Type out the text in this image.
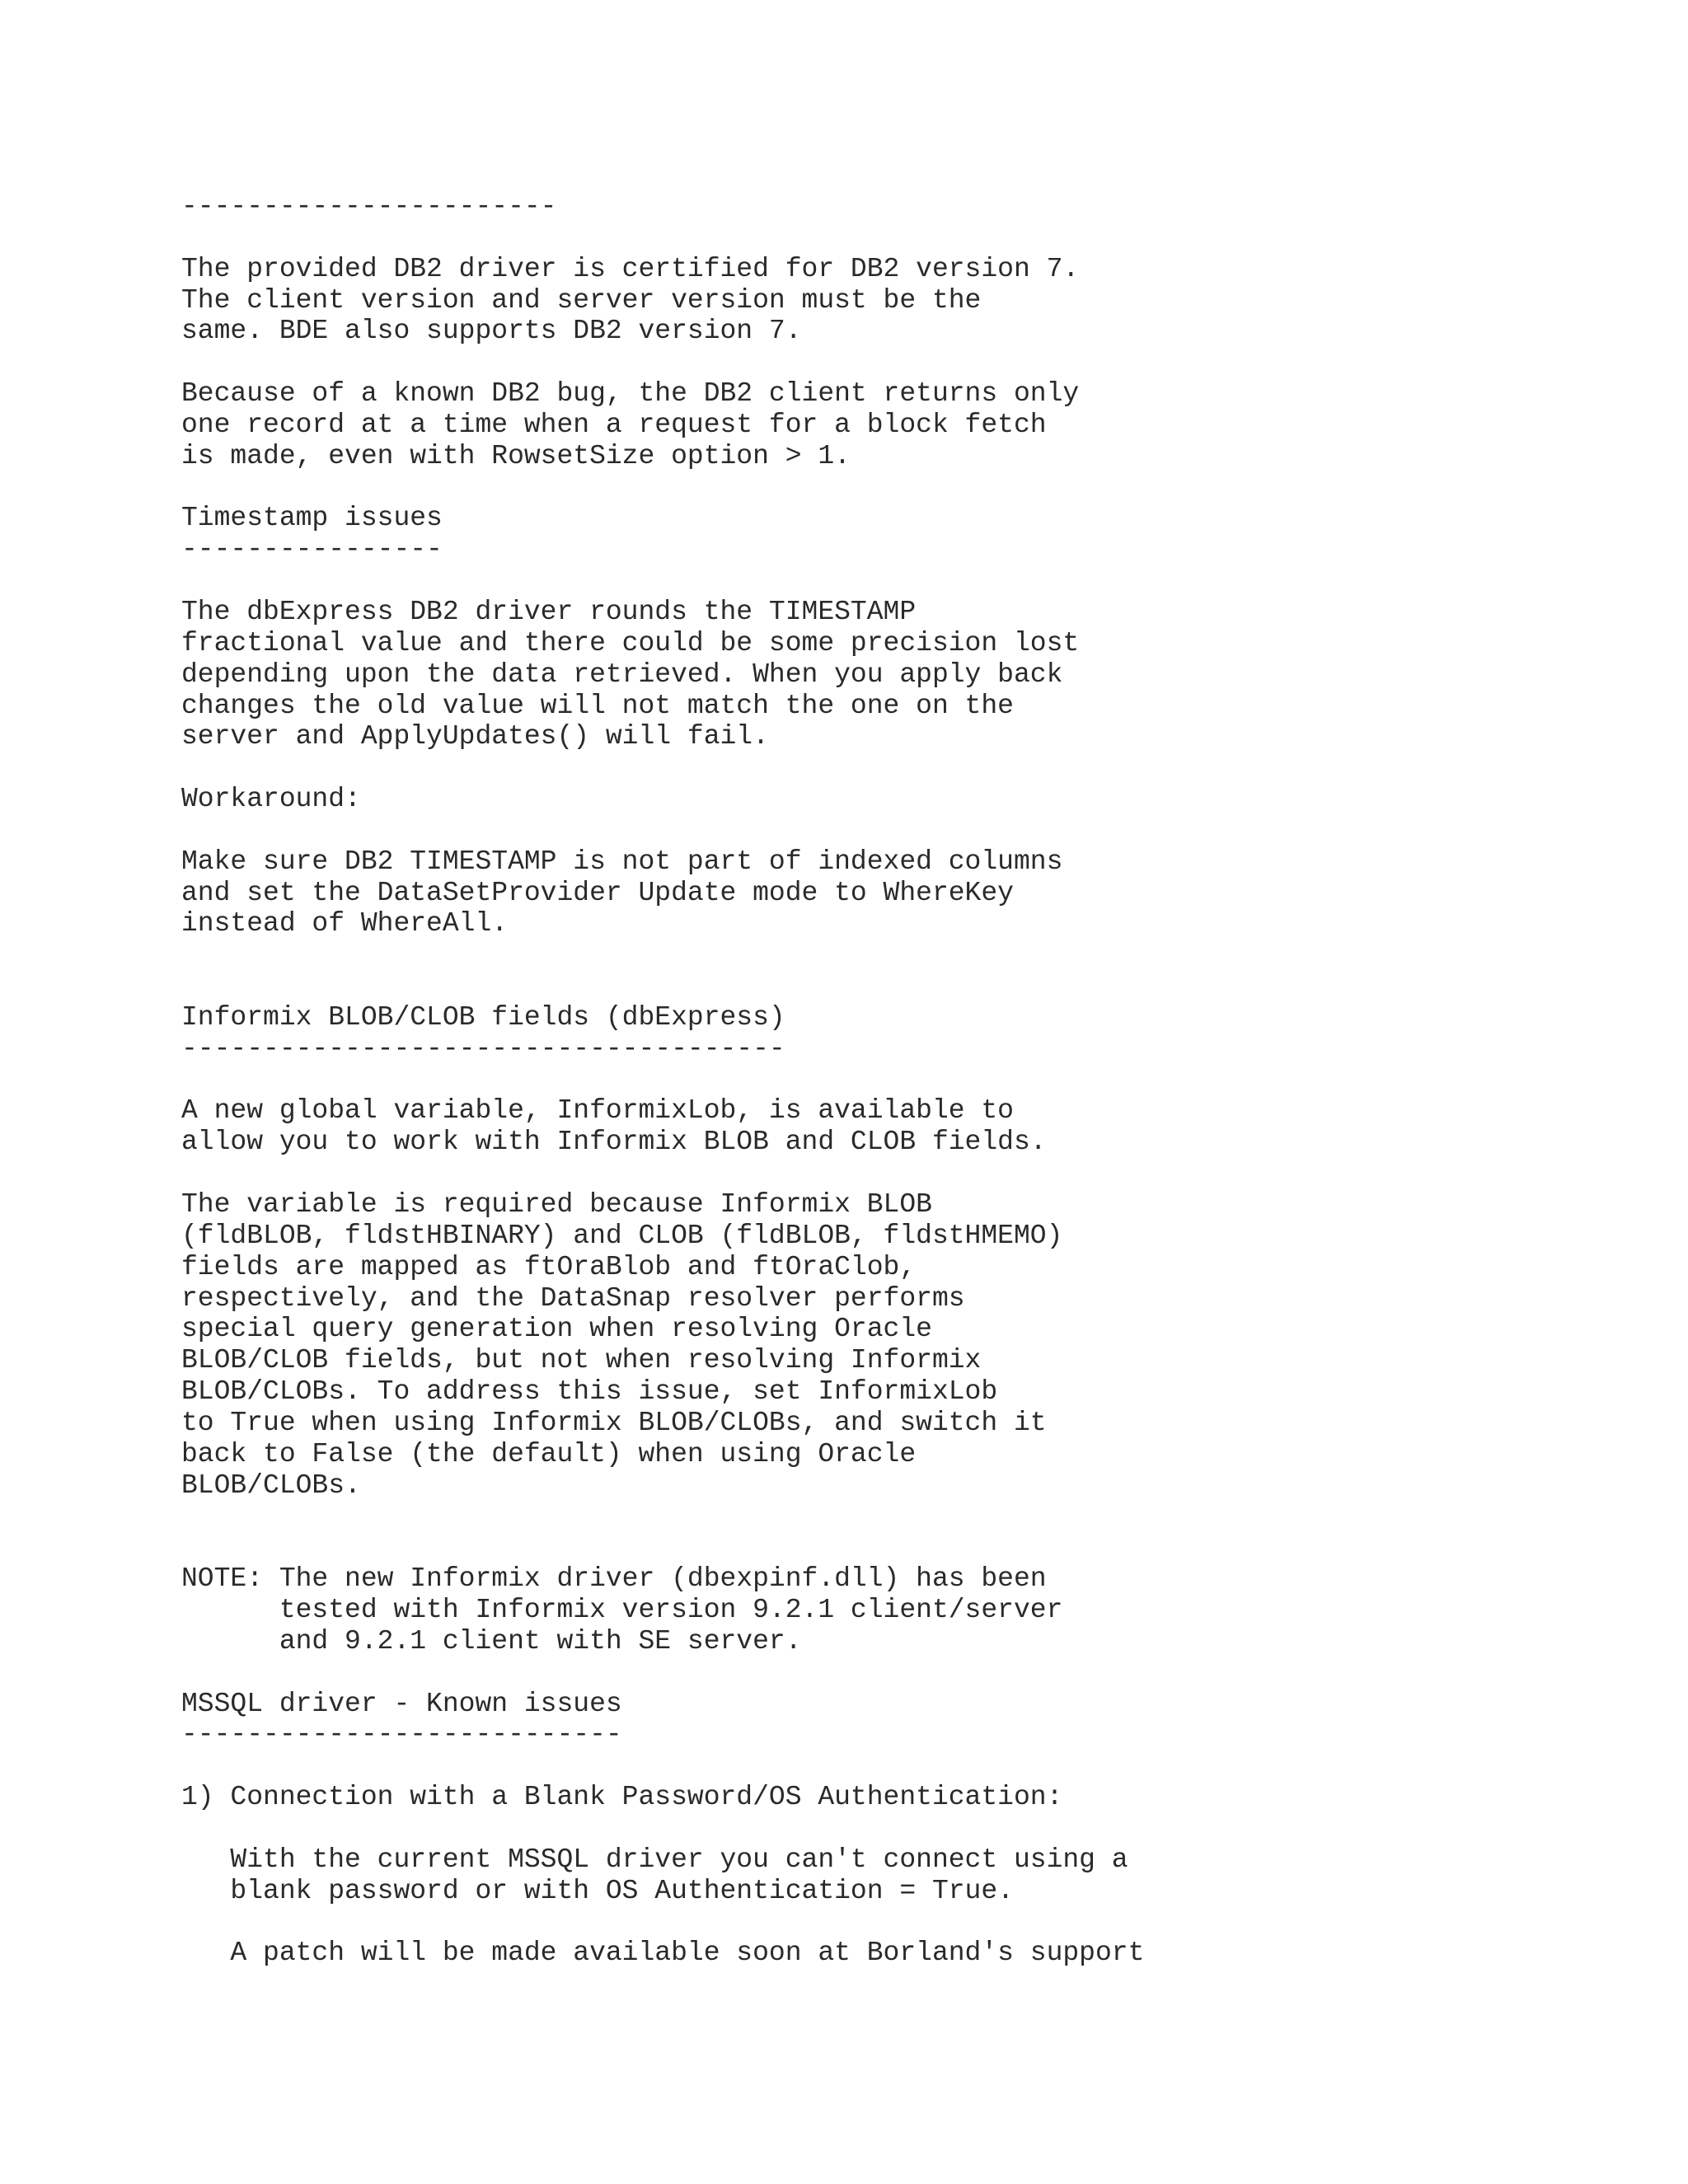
-----------------------
The provided DB2 driver is certified for DB2 version 7.
The client version and server version must be the
same. BDE also supports DB2 version 7.
Because of a known DB2 bug, the DB2 client returns only
one record at a time when a request for a block fetch
is made, even with RowsetSize option > 1.
Timestamp issues
----------------
The dbExpress DB2 driver rounds the TIMESTAMP
fractional value and there could be some precision lost
depending upon the data retrieved. When you apply back
changes the old value will not match the one on the
server and ApplyUpdates() will fail.
Workaround:
Make sure DB2 TIMESTAMP is not part of indexed columns
and set the DataSetProvider Update mode to WhereKey
instead of WhereAll.
Informix BLOB/CLOB fields (dbExpress)
-------------------------------------
A new global variable, InformixLob, is available to
allow you to work with Informix BLOB and CLOB fields.
The variable is required because Informix BLOB
(fldBLOB, fldstHBINARY) and CLOB (fldBLOB, fldstHMEMO)
fields are mapped as ftOraBlob and ftOraClob,
respectively, and the DataSnap resolver performs
special query generation when resolving Oracle
BLOB/CLOB fields, but not when resolving Informix
BLOB/CLOBs. To address this issue, set InformixLob
to True when using Informix BLOB/CLOBs, and switch it
back to False (the default) when using Oracle
BLOB/CLOBs.
NOTE: The new Informix driver (dbexpinf.dll) has been
tested with Informix version 9.2.1 client/server
and 9.2.1 client with SE server.
MSSQL driver - Known issues
---------------------------
1) Connection with a Blank Password/OS Authentication:
With the current MSSQL driver you can't connect using a
blank password or with OS Authentication = True.
A patch will be made available soon at Borland's support
